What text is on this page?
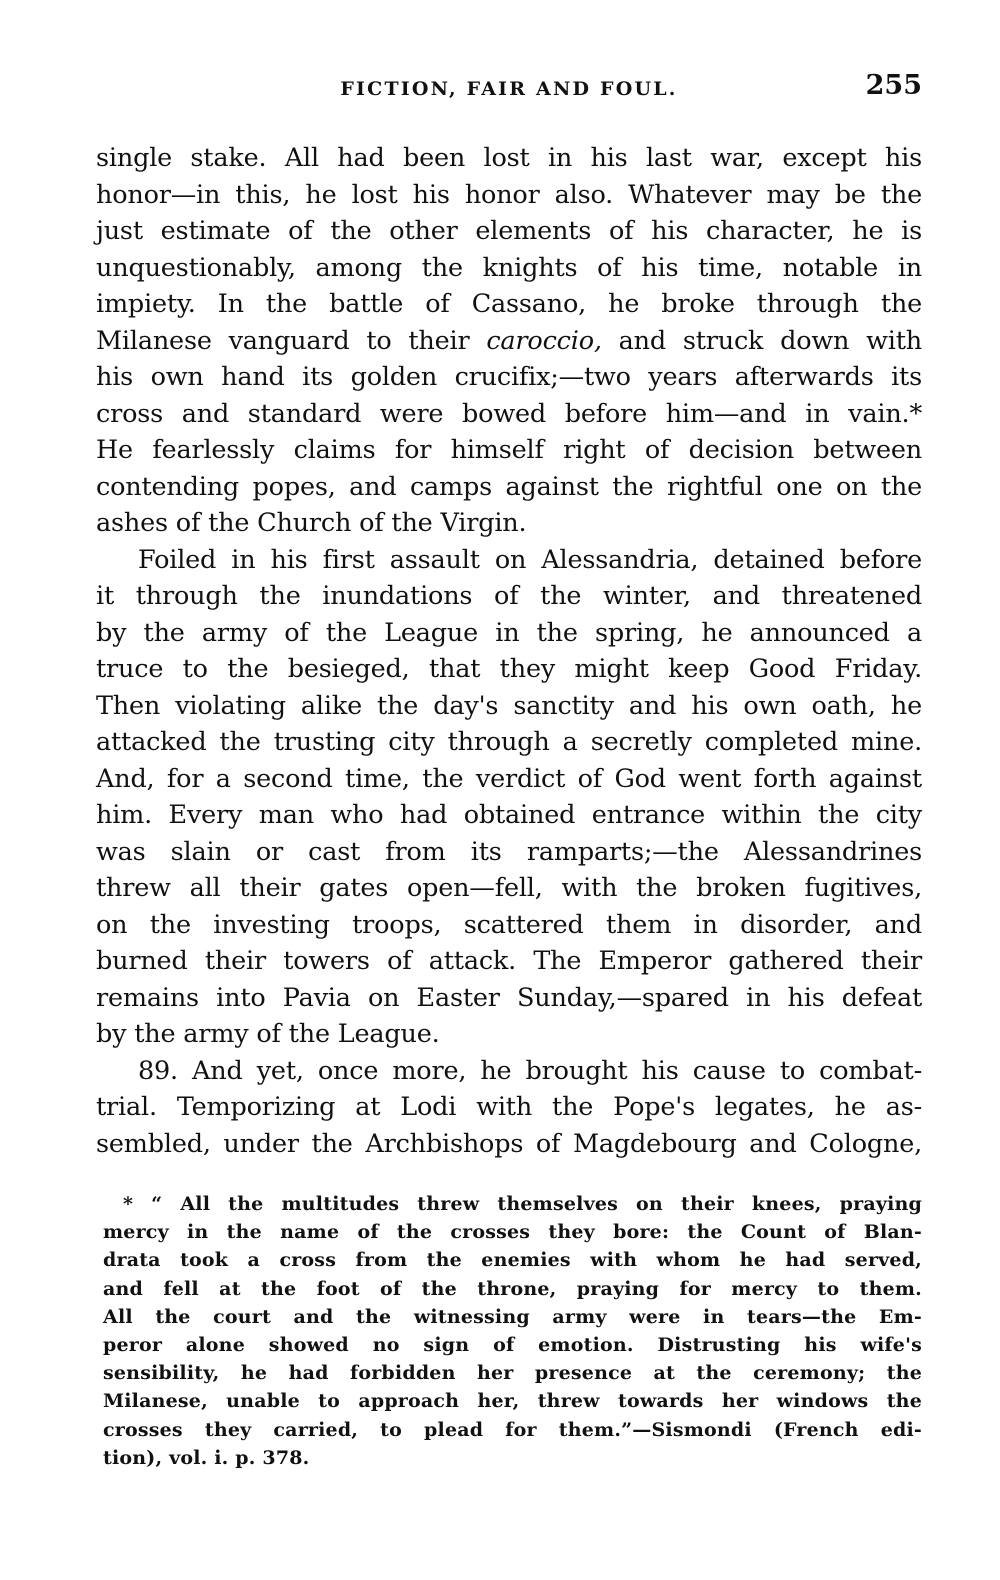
FICTION, FAIR AND FOUL.	255
single stake. All had been lost in his last war, except his
honor—in this, he lost his honor also. Whatever may be the
just estimate of the other elements of his character, he is
unquestionably, among the knights of his time, notable in
impiety. In the battle of Cassano, he broke through the
Milanese vanguard to their caroccio, and struck down with
his own hand its golden crucifix;—two years afterwards its
cross and standard were bowed before him—and in vain.*
He fearlessly claims for himself right of decision between
contending popes, and camps against the rightful one on the
ashes of the Church of the Virgin.
Foiled in his first assault on Alessandria, detained before
it through the inundations of the winter, and threatened
by the army of the League in the spring, he announced a
truce to the besieged, that they might keep Good Friday.
Then violating alike the day's sanctity and his own oath, he
attacked the trusting city through a secretly completed mine.
And, for a second time, the verdict of God went forth against
him. Every man who had obtained entrance within the city
was slain or cast from its ramparts;—the Alessandrines
threw all their gates open—fell, with the broken fugitives,
on the investing troops, scattered them in disorder, and
burned their towers of attack. The Emperor gathered their
remains into Pavia on Easter Sunday,—spared in his defeat
by the army of the League.
89. And yet, once more, he brought his cause to combat-
trial. Temporizing at Lodi with the Pope's legates, he as-
sembled, under the Archbishops of Magdebourg and Cologne,
* “ All the multitudes threw themselves on their knees, praying
mercy in the name of the crosses they bore: the Count of Blan-
drata took a cross from the enemies with whom he had served,
and fell at the foot of the throne, praying for mercy to them.
All the court and the witnessing army were in tears—the Em-
peror alone showed no sign of emotion. Distrusting his wife's
sensibility, he had forbidden her presence at the ceremony; the
Milanese, unable to approach her, threw towards her windows the
crosses they carried, to plead for them.”—Sismondi (French edi-
tion), vol. i. p. 378.
